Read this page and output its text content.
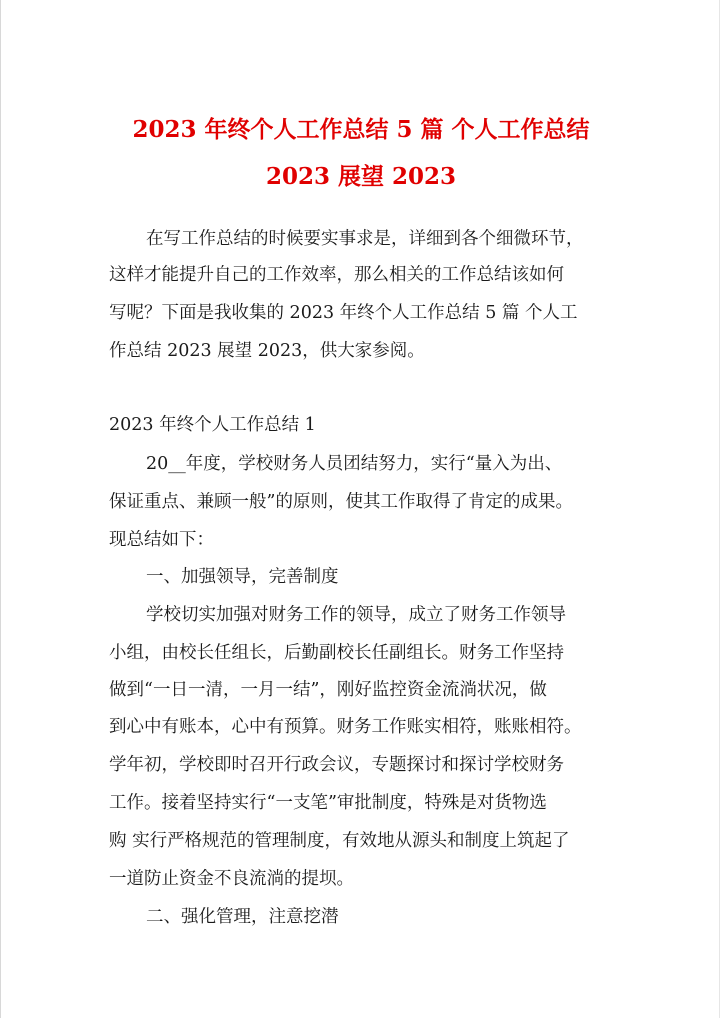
2023 年终个人工作总结 5 篇 个人工作总结
2023 展望 2023
在写工作总结的时候要实事求是，详细到各个细微环节，
这样才能提升自己的工作效率，那么相关的工作总结该如何
写呢？下面是我收集的 2023 年终个人工作总结 5 篇 个人工
作总结 2023 展望 2023，供大家参阅。
2023 年终个人工作总结 1
20__年度，学校财务人员团结努力，实行“量入为出、
保证重点、兼顾一般”的原则，使其工作取得了肯定的成果。
现总结如下：
一、加强领导，完善制度
学校切实加强对财务工作的领导，成立了财务工作领导
小组，由校长任组长，后勤副校长任副组长。财务工作坚持
做到“一日一清，一月一结”，刚好监控资金流淌状况，做
到心中有账本，心中有预算。财务工作账实相符，账账相符。
学年初，学校即时召开行政会议，专题探讨和探讨学校财务
工作。接着坚持实行“一支笔”审批制度，特殊是对货物选
购 实行严格规范的管理制度，有效地从源头和制度上筑起了
一道防止资金不良流淌的提坝。
二、强化管理，注意挖潜
